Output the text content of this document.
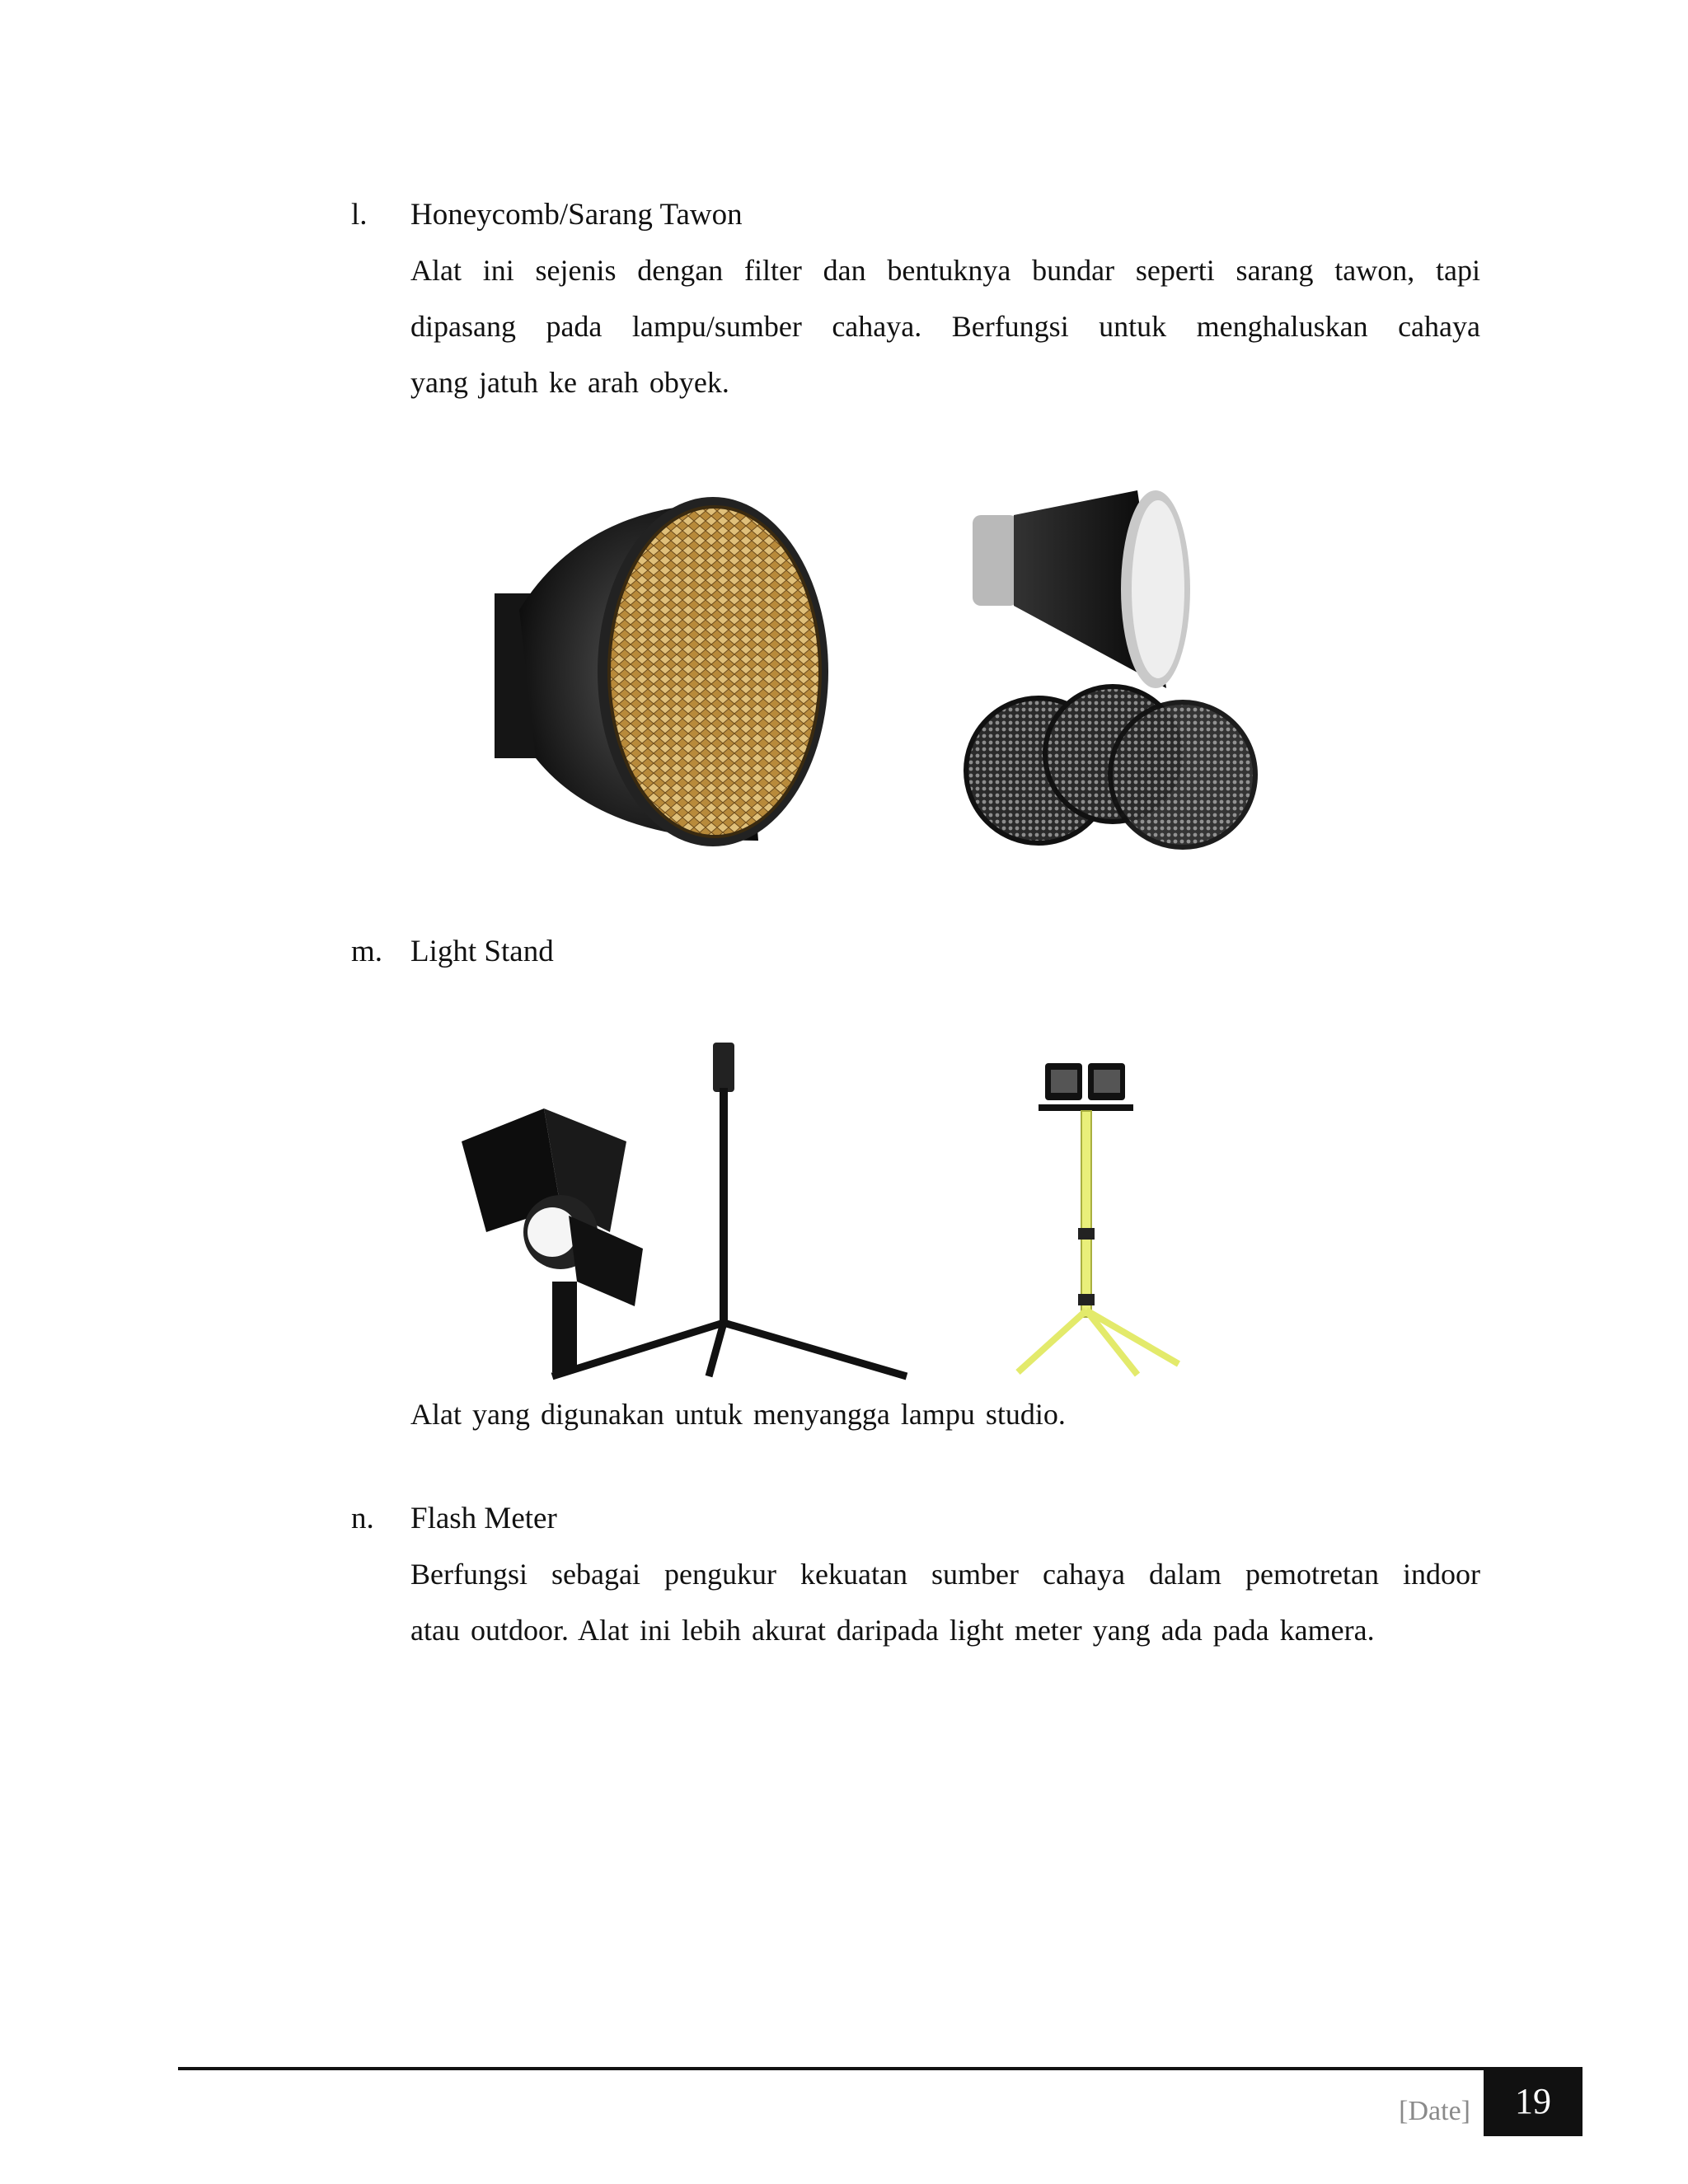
l. Honeycomb/Sarang Tawon
Alat ini sejenis dengan filter dan bentuknya bundar seperti sarang tawon, tapi
dipasang pada lampu/sumber cahaya. Berfungsi untuk menghaluskan cahaya
yang jatuh ke arah obyek.
m. Light Stand
Alat yang digunakan untuk menyangga lampu studio.
n. Flash Meter
Berfungsi sebagai pengukur kekuatan sumber cahaya dalam pemotretan indoor
atau outdoor. Alat ini lebih akurat daripada light meter yang ada pada kamera.
[Date]	19
